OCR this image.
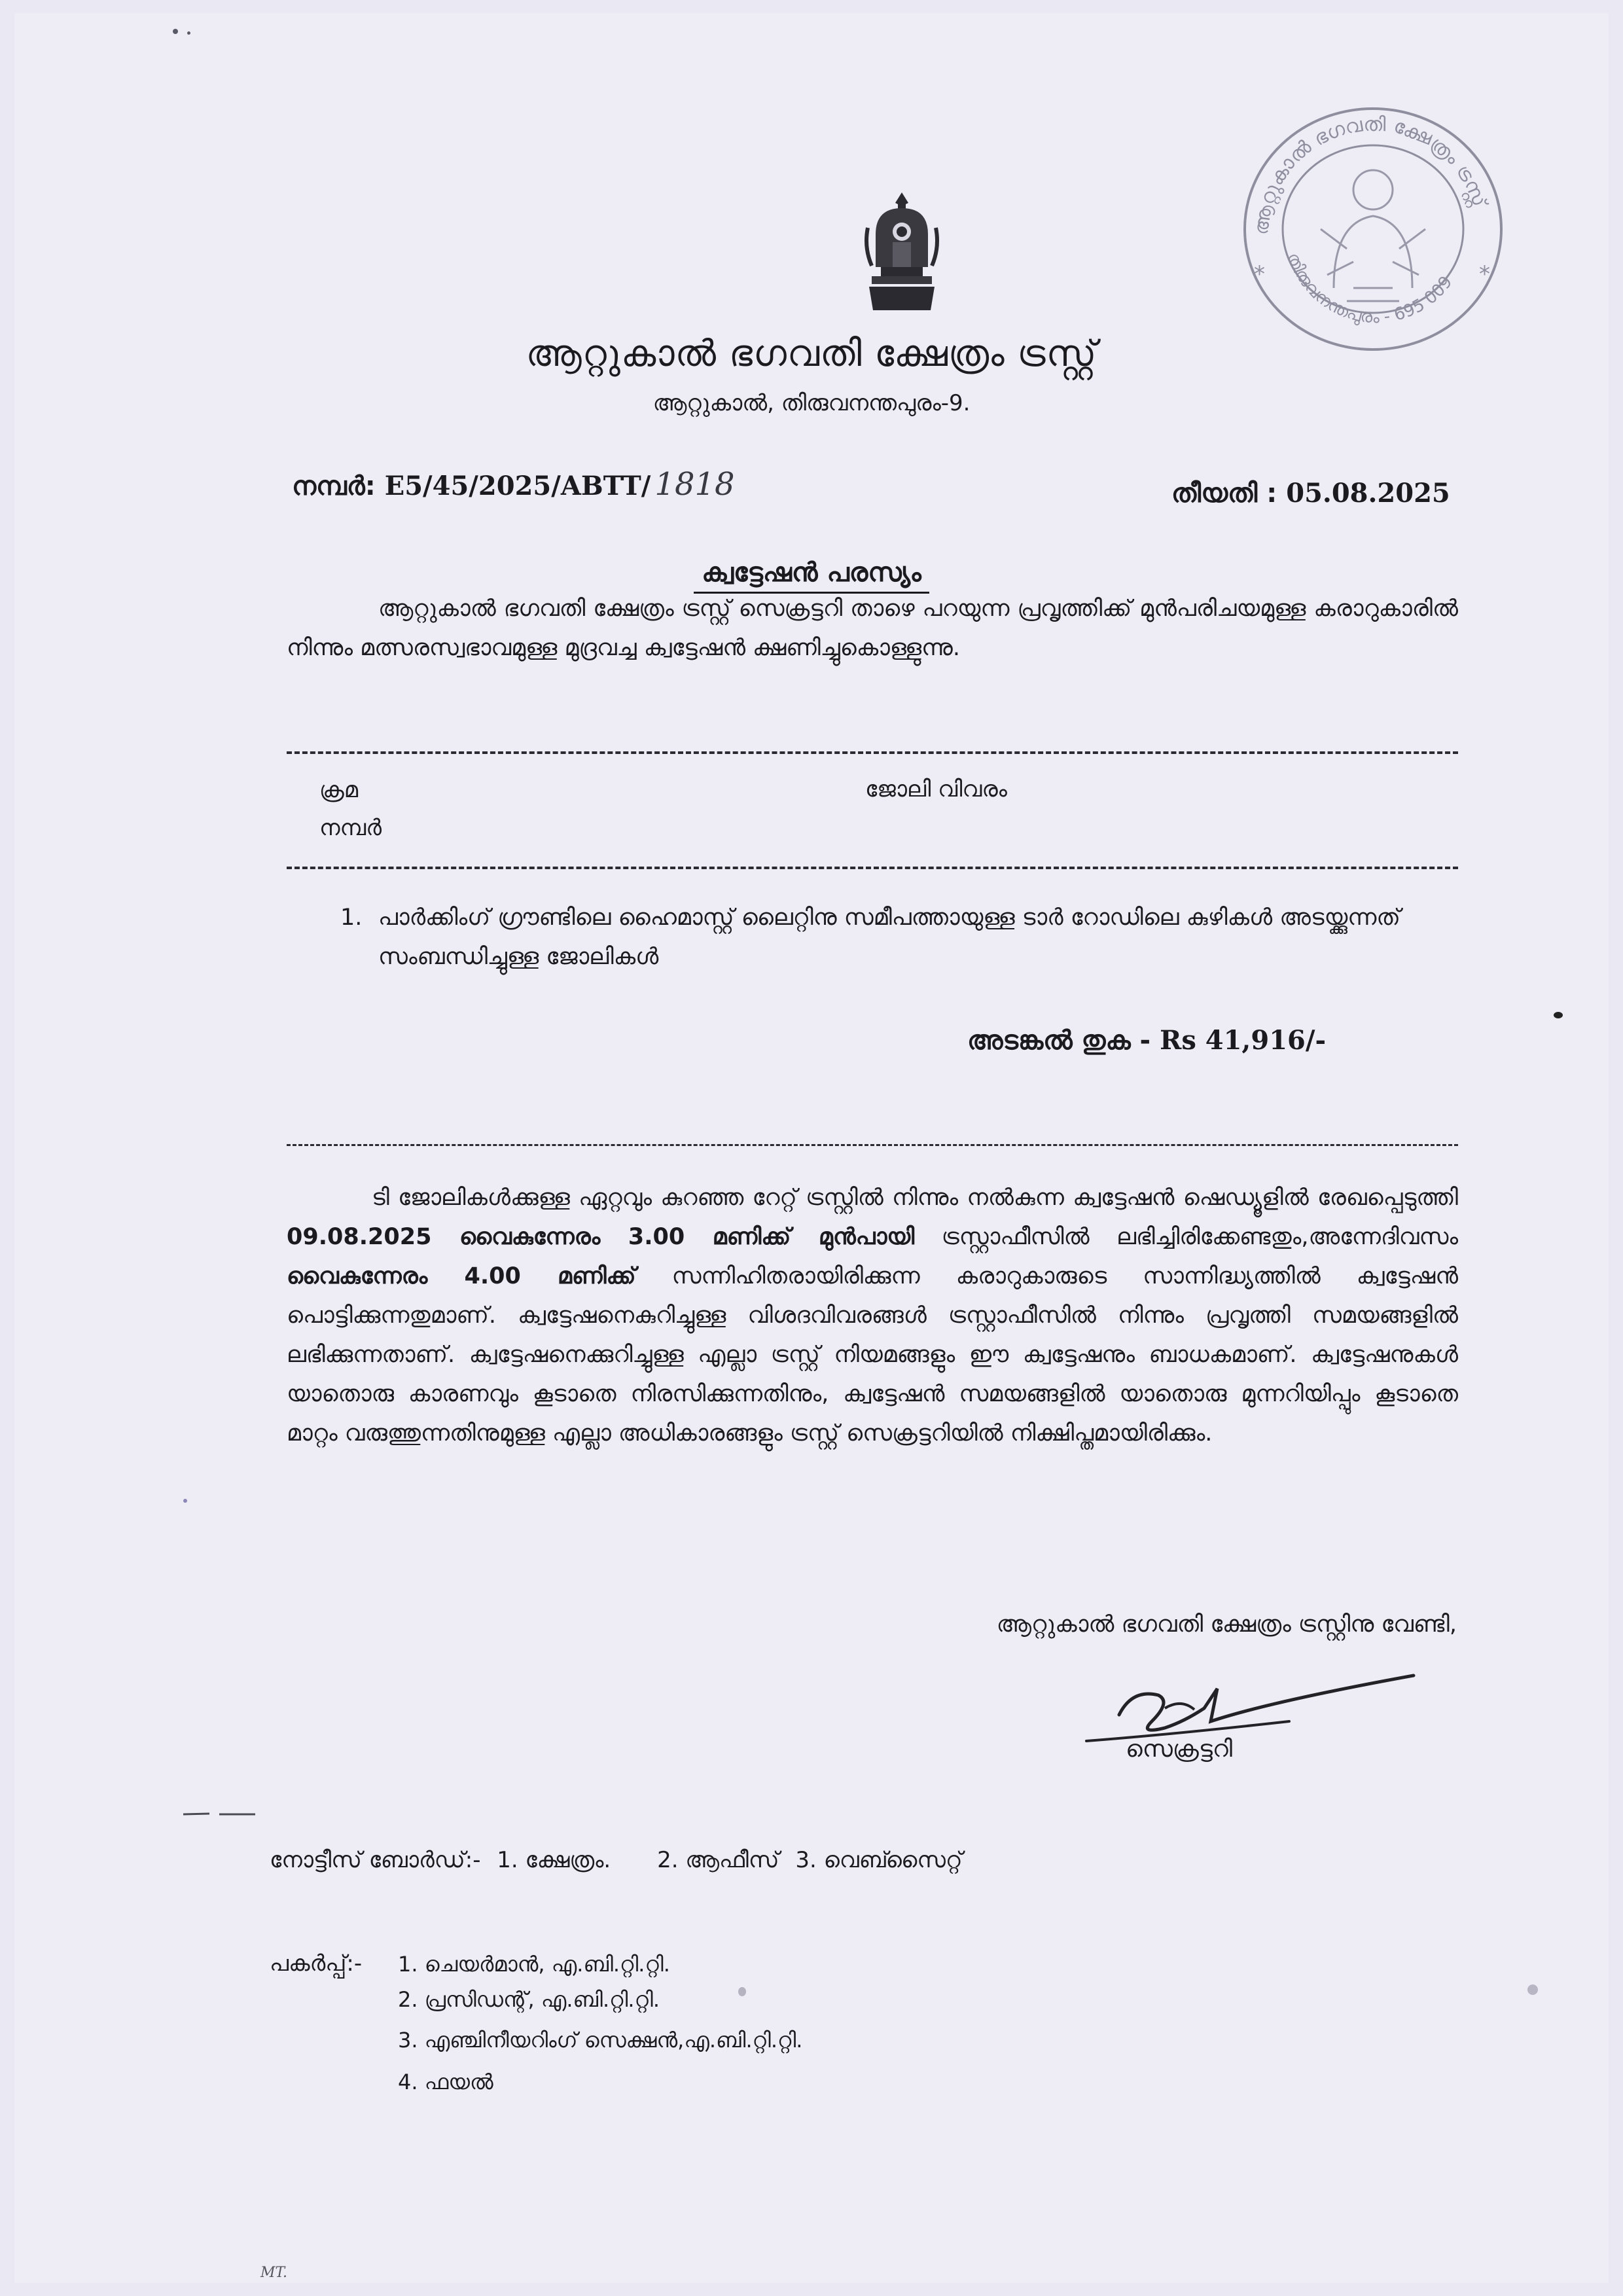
ആറ്റുകാൽ ഭഗവതി ക്ഷേത്രം ട്രസ്റ്റ്
തിരുവനന്തപുരം - 695 009
*	*
ആറ്റുകാൽ ഭഗവതി ക്ഷേത്രം ട്രസ്റ്റ്
ആറ്റുകാൽ, തിരുവനന്തപുരം-9.
നമ്പർ: E5/45/2025/ABTT/ 1818	തീയതി : 05.08.2025
ക്വട്ടേഷൻ പരസ്യം
ആറ്റുകാൽ ഭഗവതി ക്ഷേത്രം ട്രസ്റ്റ് സെക്രട്ടറി താഴെ പറയുന്ന പ്രവൃത്തിക്ക് മുൻപരിചയമുള്ള കരാറുകാരിൽ നിന്നും മത്സരസ്വഭാവമുള്ള മുദ്രവച്ച ക്വട്ടേഷൻ ക്ഷണിച്ചുകൊള്ളുന്നു.
ക്രമ
നമ്പർ
ജോലി വിവരം
1. പാർക്കിംഗ് ഗ്രൗണ്ടിലെ ഹൈമാസ്റ്റ് ലൈറ്റിനു സമീപത്തായുള്ള ടാർ റോഡിലെ കുഴികൾ അടയ്ക്കുന്നത് സംബന്ധിച്ചുള്ള ജോലികൾ
അടങ്കൽ തുക - Rs 41,916/-
ടി ജോലികൾക്കുള്ള ഏറ്റവും കുറഞ്ഞ റേറ്റ് ട്രസ്റ്റിൽ നിന്നും നൽകുന്ന ക്വട്ടേഷൻ ഷെഡ്യൂളിൽ രേഖപ്പെടുത്തി 09.08.2025 വൈകുന്നേരം 3.00 മണിക്ക് മുൻപായി ട്രസ്റ്റാഫീസിൽ ലഭിച്ചിരിക്കേണ്ടതും,അന്നേദിവസം വൈകുന്നേരം 4.00 മണിക്ക് സന്നിഹിതരായിരിക്കുന്ന കരാറുകാരുടെ സാന്നിദ്ധ്യത്തിൽ ക്വട്ടേഷൻ പൊട്ടിക്കുന്നതുമാണ്. ക്വട്ടേഷനെകുറിച്ചുള്ള വിശദവിവരങ്ങൾ ട്രസ്റ്റാഫീസിൽ നിന്നും പ്രവൃത്തി സമയങ്ങളിൽ ലഭിക്കുന്നതാണ്. ക്വട്ടേഷനെക്കുറിച്ചുള്ള എല്ലാ ട്രസ്റ്റ് നിയമങ്ങളും ഈ ക്വട്ടേഷനും ബാധകമാണ്. ക്വട്ടേഷനുകൾ യാതൊരു കാരണവും കൂടാതെ നിരസിക്കുന്നതിനും, ക്വട്ടേഷൻ സമയങ്ങളിൽ യാതൊരു മുന്നറിയിപ്പും കൂടാതെ മാറ്റം വരുത്തുന്നതിനുമുള്ള എല്ലാ അധികാരങ്ങളും ട്രസ്റ്റ് സെക്രട്ടറിയിൽ നിക്ഷിപ്തമായിരിക്കും.
ആറ്റുകാൽ ഭഗവതി ക്ഷേത്രം ട്രസ്റ്റിനു വേണ്ടി,
സെക്രട്ടറി
നോട്ടീസ് ബോർഡ്:- 1. ക്ഷേത്രം. 2. ആഫീസ് 3. വെബ്സൈറ്റ്
പകർപ്പ്:- 1. ചെയർമാൻ, എ.ബി.റ്റി.റ്റി.
2. പ്രസിഡന്റ്, എ.ബി.റ്റി.റ്റി.
3. എഞ്ചിനീയറിംഗ് സെക്ഷൻ,എ.ബി.റ്റി.റ്റി.
4. ഫയൽ
MT.
